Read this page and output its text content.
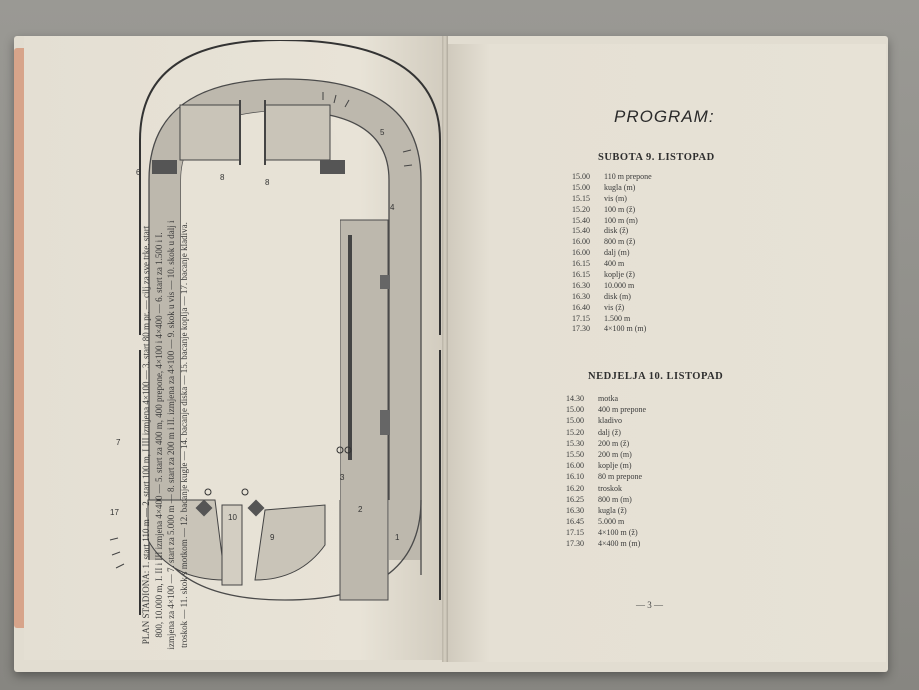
1
2
3
4
5
6
7
8
8
9
10
17 PLAN STADIONA: 1. start 110 m — 2. start 100 m, I III izmjena 4×100 — 3. start 80 m pr. — cilj za sve trke. start 800, 10.000 m, I. II i III izmjena 4×400 — 5. start za 400 m, 400 prepone, 4×100 i 4×400 — 6. start za 1.500 i I. izmjena za 4×100 — 7. start za 5.000 m — 8. start za 200 m i II. izmjena za 4×100 — 9. skok u vis — 10. skok u dalj i troskok — 11. skok s motkom — 12. bacanje kugle — 14. bacanje diska — 15. bacanje koplja — 17. bacanje kladiva.
PROGRAM:
SUBOTA 9. LISTOPAD
15.00 110 m prepone
15.00 kugla (m)
15.15 vis (m)
15.20 100 m (ž)
15.40 100 m (m)
15.40 disk (ž)
16.00 800 m (ž)
16.00 dalj (m)
16.15 400 m
16.15 koplje (ž)
16.30 10.000 m
16.30 disk (m)
16.40 vis (ž)
17.15 1.500 m
17.30 4×100 m (m)
NEDJELJA 10. LISTOPAD
14.30 motka
15.00 400 m prepone
15.00 kladivo
15.20 dalj (ž)
15.30 200 m (ž)
15.50 200 m (m)
16.00 koplje (m)
16.10 80 m prepone
16.20 troskok
16.25 800 m (m)
16.30 kugla (ž)
16.45 5.000 m
17.15 4×100 m (ž)
17.30 4×400 m (m)
— 3 —
